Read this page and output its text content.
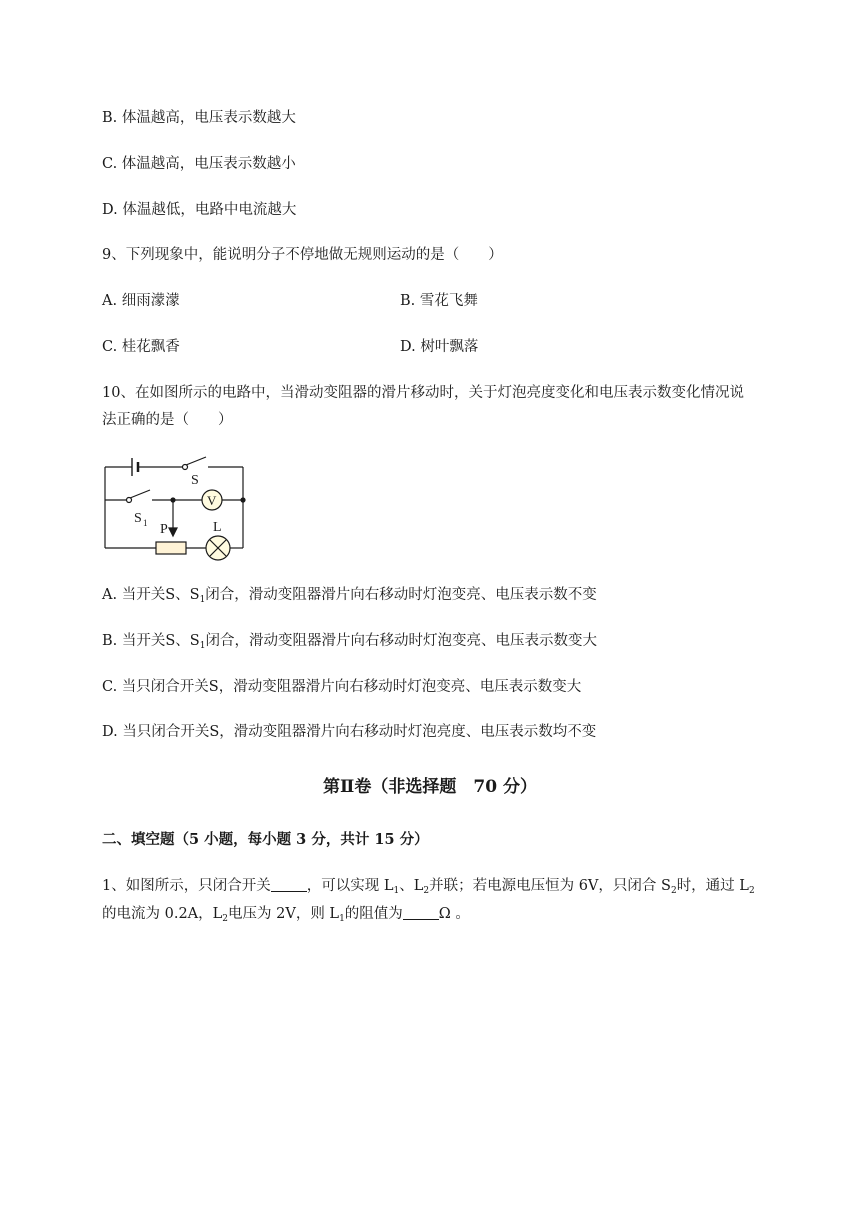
B. 体温越高，电压表示数越大
C. 体温越高，电压表示数越小
D. 体温越低，电路中电流越大
9、下列现象中，能说明分子不停地做无规则运动的是（　　）
A. 细雨濛濛	B. 雪花飞舞
C. 桂花飘香	D. 树叶飘落
10、在如图所示的电路中，当滑动变阻器的滑片移动时，关于灯泡亮度变化和电压表示数变化情况说
法正确的是（　　）
S
V
S 1 P	L
A. 当开关S、$S_1$闭合，滑动变阻器滑片向右移动时灯泡变亮、电压表示数不变
B. 当开关S、$S_1$闭合，滑动变阻器滑片向右移动时灯泡变亮、电压表示数变大
C. 当只闭合开关S，滑动变阻器滑片向右移动时灯泡变亮、电压表示数变大
D. 当只闭合开关S，滑动变阻器滑片向右移动时灯泡亮度、电压表示数均不变
第Ⅱ卷（非选择题　70 分）
二、填空题（5 小题，每小题 3 分，共计 15 分）
1、如图所示，只闭合开关 ，可以实现 $L_1$、$L_2$并联；若电源电压恒为 6V，只闭合 $S_2$时，通过 $L_2$
的电流为 0.2A，$L_2$电压为 2V，则 $L_1$的阻值为 Ω 。
